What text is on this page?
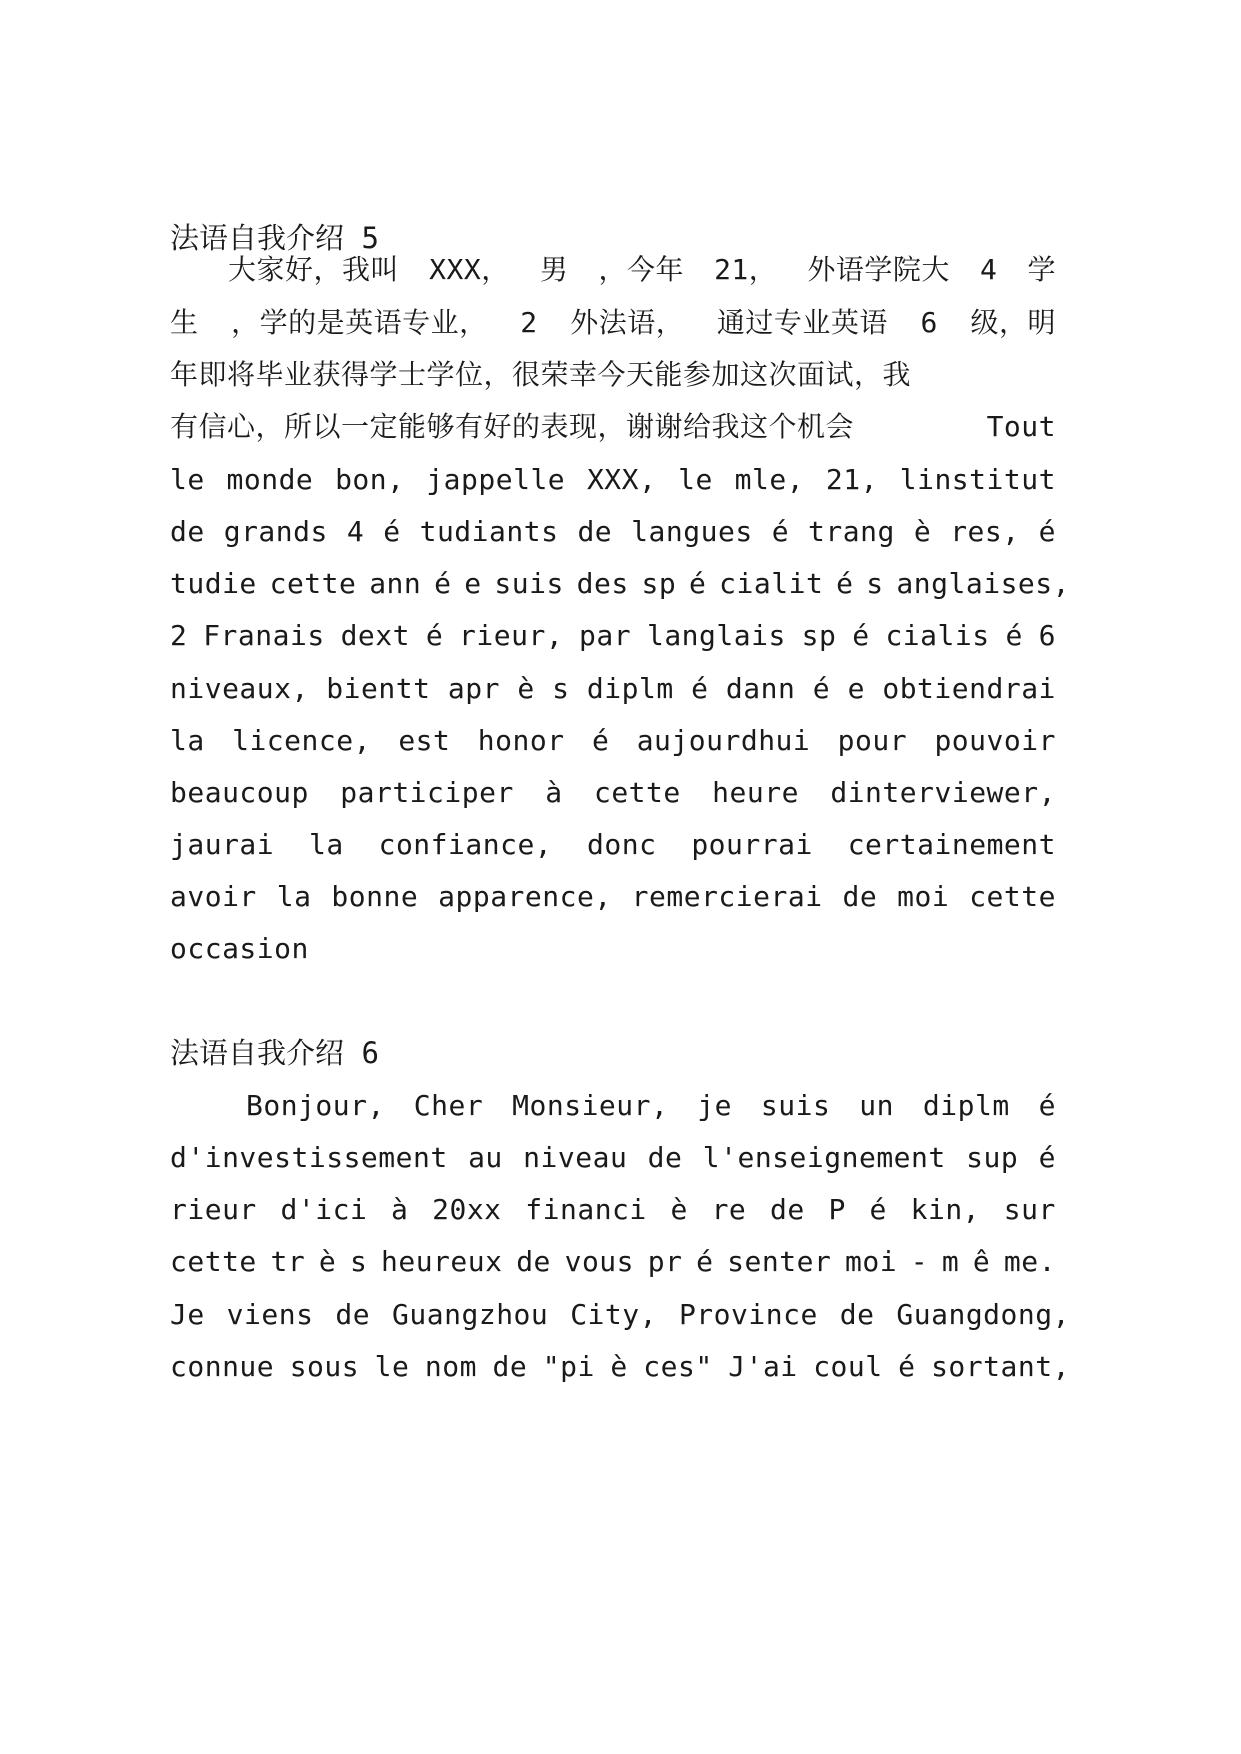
法语自我介绍 5
大家好，我叫 XXX， 男 ，今年 21， 外语学院大 4 学
生 ，学的是英语专业， 2 外法语， 通过专业英语 6 级，明
年即将毕业获得学士学位，很荣幸今天能参加这次面试，我
有信心，所以一定能够有好的表现，谢谢给我这个机会	Tout
le monde bon, jappelle XXX, le mle, 21, linstitut
de grands 4 é tudiants de langues é trang è res, é
tudie cette ann é e suis des sp é cialit é s anglaises,
2 Franais dext é rieur, par langlais sp é cialis é 6
niveaux, bientt apr è s diplm é dann é e obtiendrai
la licence, est honor é aujourdhui pour pouvoir
beaucoup participer à cette heure dinterviewer,
jaurai la confiance, donc pourrai certainement
avoir la bonne apparence, remercierai de moi cette
occasion
法语自我介绍 6
Bonjour, Cher Monsieur, je suis un diplm é
d'investissement au niveau de l'enseignement sup é
rieur d'ici à 20xx financi è re de P é kin, sur
cette tr è s heureux de vous pr é senter moi - m ê me.
Je viens de Guangzhou City, Province de Guangdong,
connue sous le nom de "pi è ces" J'ai coul é sortant,
